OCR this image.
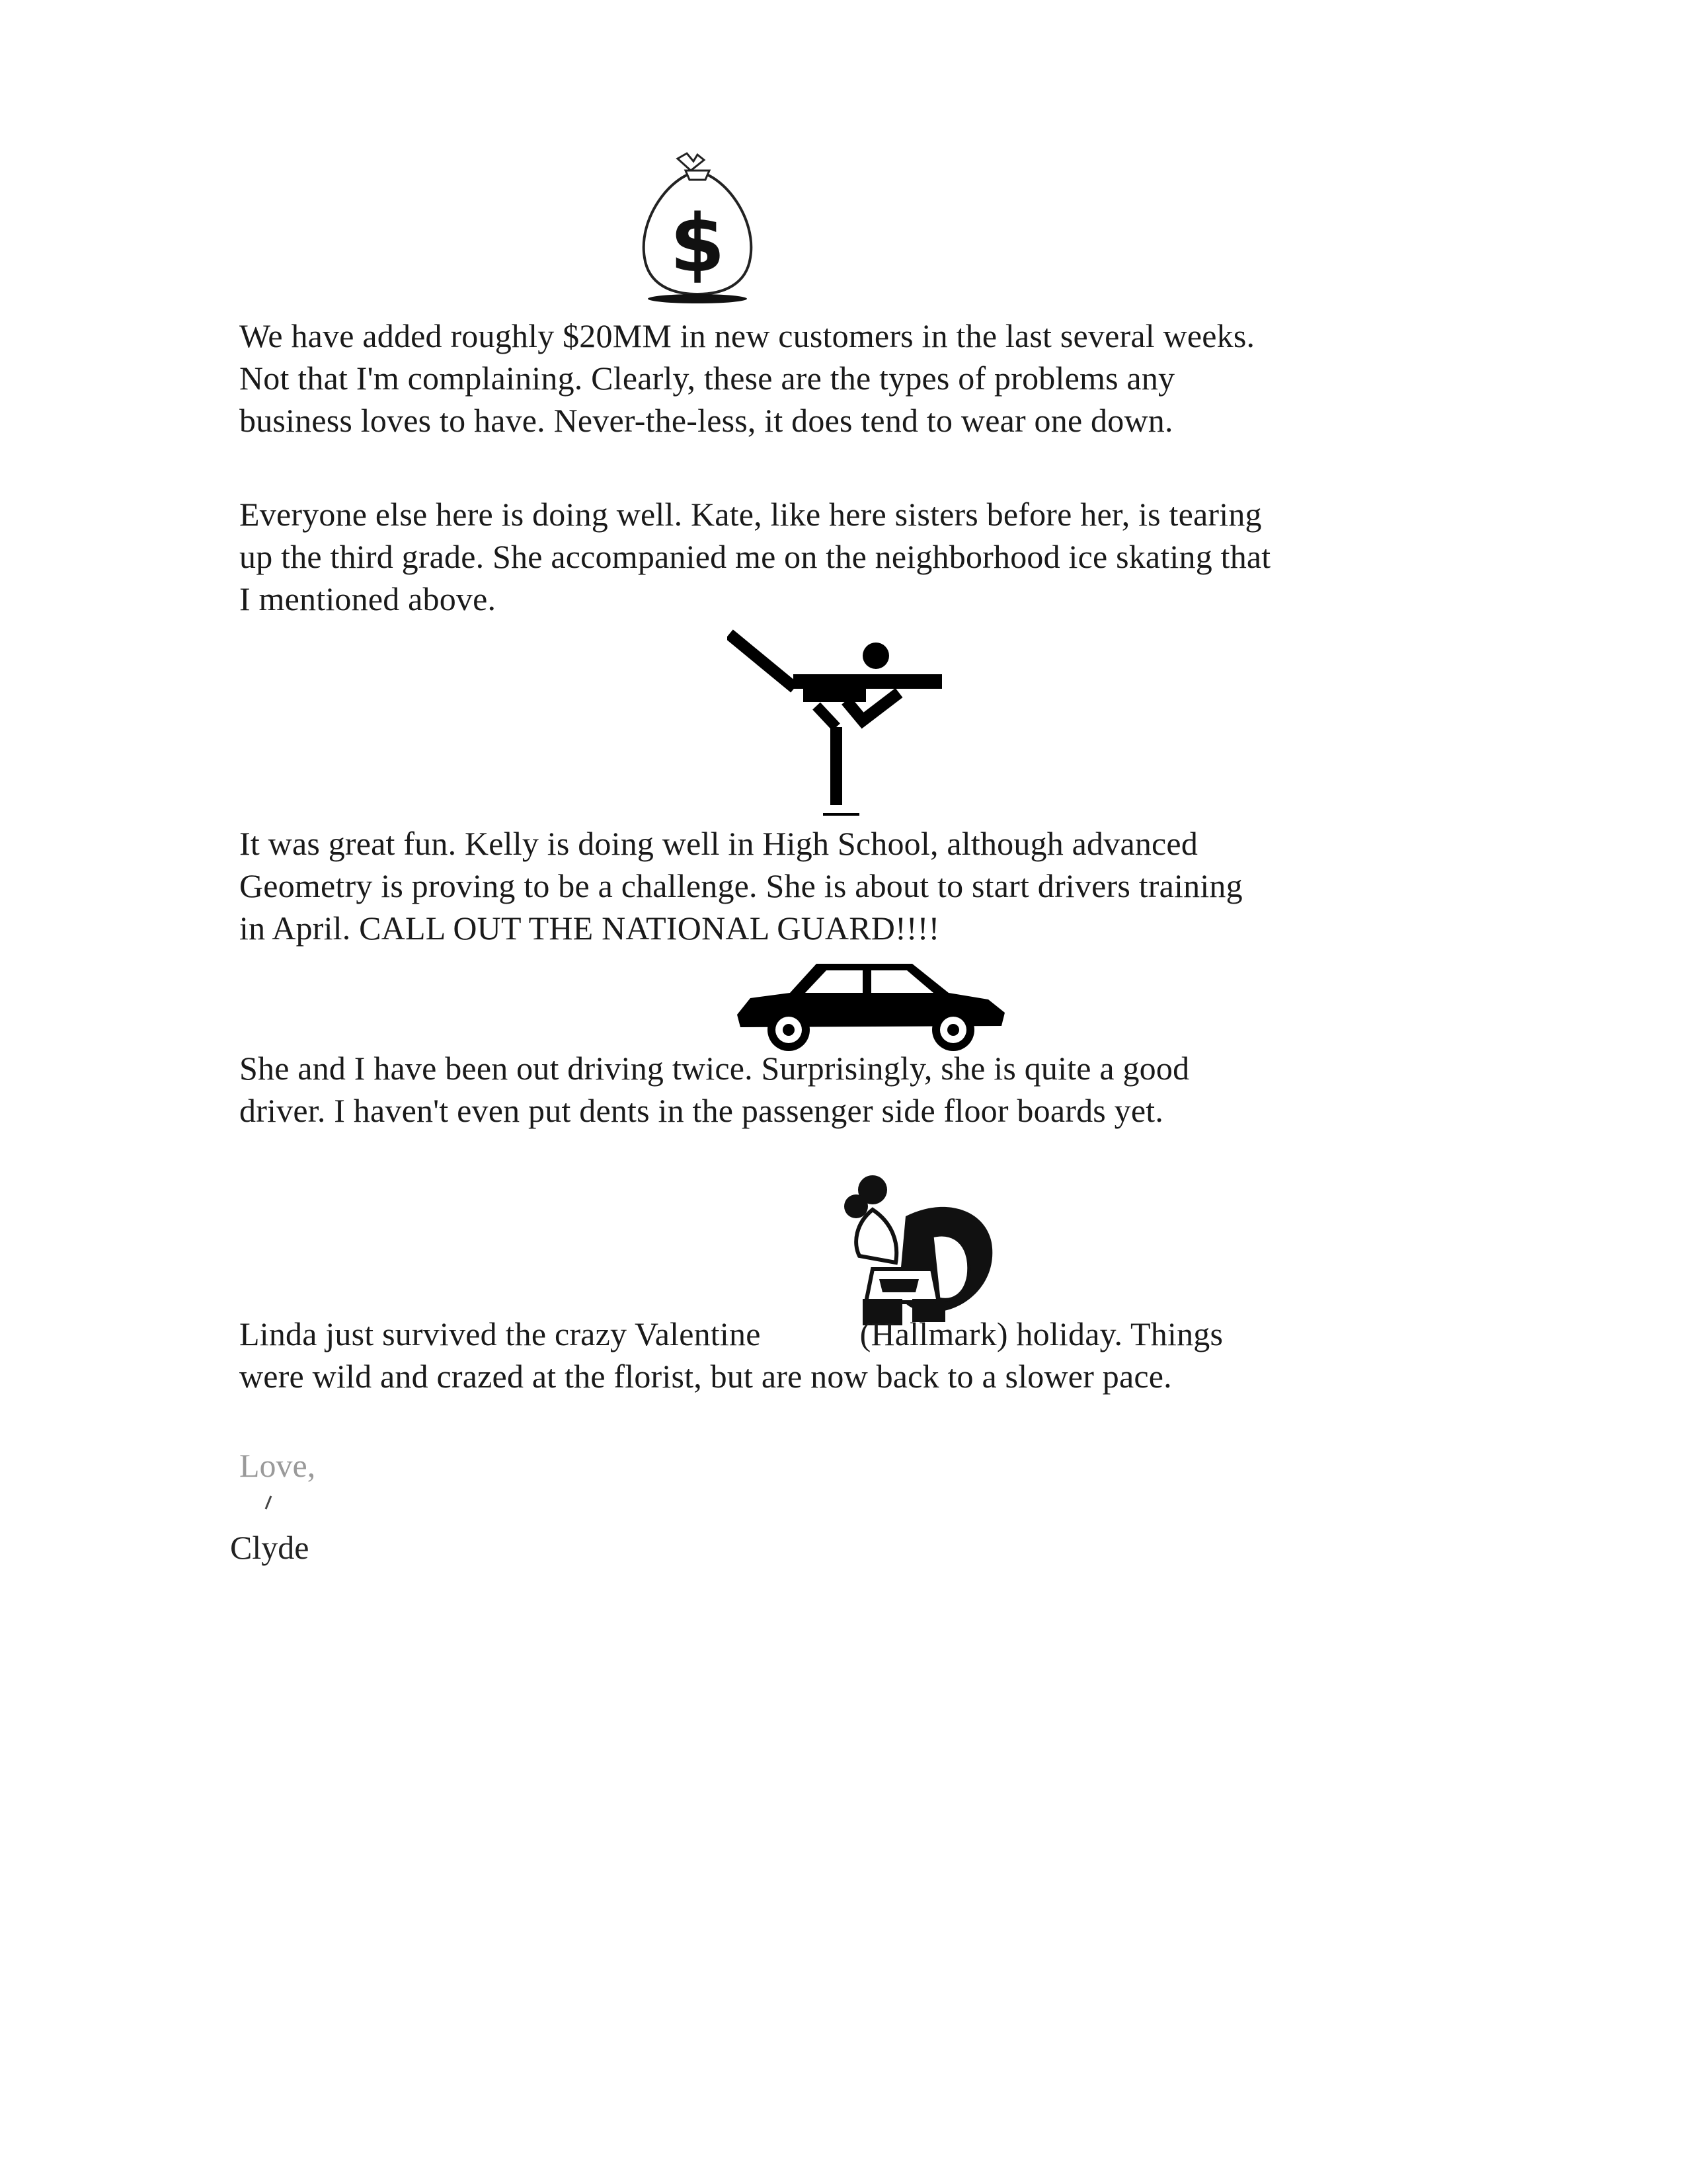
$
We have added roughly $20MM in new customers in the last several weeks.
Not that I'm complaining. Clearly, these are the types of problems any
business loves to have. Never-the-less, it does tend to wear one down.
Everyone else here is doing well. Kate, like here sisters before her, is tearing
up the third grade. She accompanied me on the neighborhood ice skating that
I mentioned above.
It was great fun. Kelly is doing well in High School, although advanced
Geometry is proving to be a challenge. She is about to start drivers training
in April. CALL OUT THE NATIONAL GUARD!!!!
She and I have been out driving twice. Surprisingly, she is quite a good
driver. I haven't even put dents in the passenger side floor boards yet.
Linda just survived the crazy Valentine	(Hallmark) holiday. Things
were wild and crazed at the florist, but are now back to a slower pace.

Love,

Clyde
